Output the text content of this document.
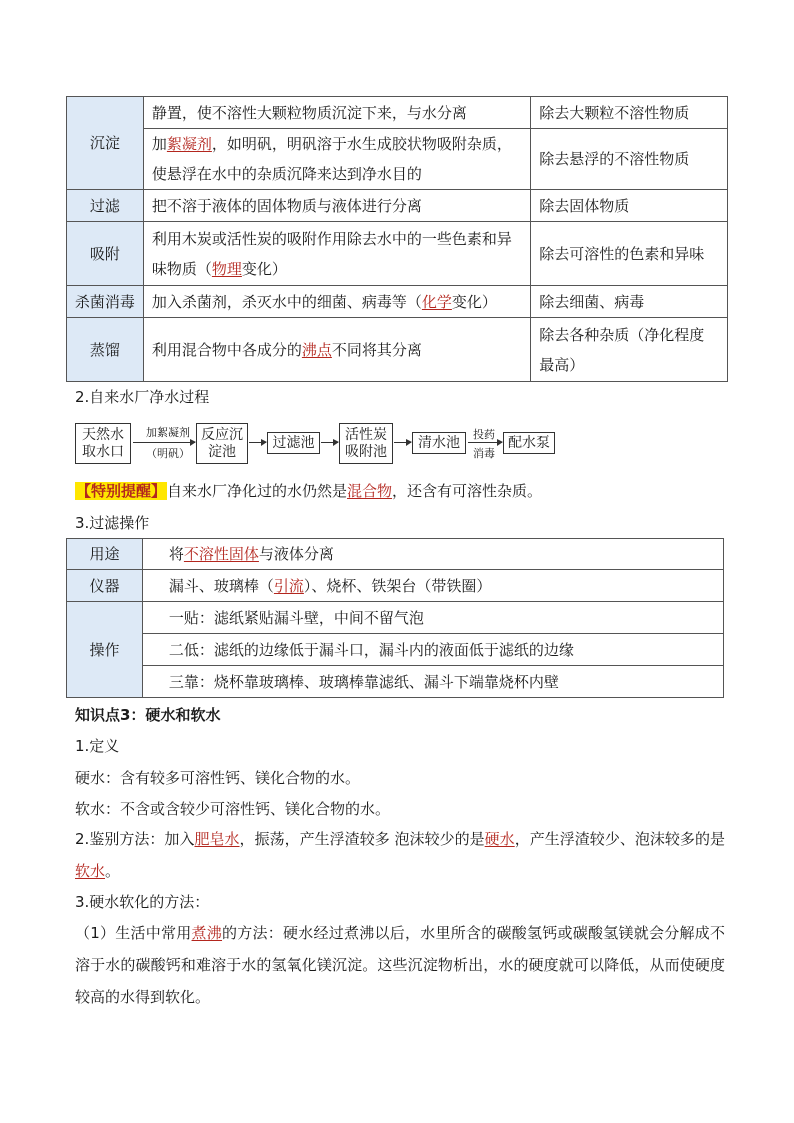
沉淀	静置，使不溶性大颗粒物质沉淀下来，与水分离	除去大颗粒不溶性物质
	加絮凝剂，如明矾，明矾溶于水生成胶状物吸附杂质，使悬浮在水中的杂质沉降来达到净水目的	除去悬浮的不溶性物质
过滤	把不溶于液体的固体物质与液体进行分离	除去固体物质
吸附	利用木炭或活性炭的吸附作用除去水中的一些色素和异味物质（物理变化）	除去可溶性的色素和异味
杀菌消毒	加入杀菌剂，杀灭水中的细菌、病毒等（化学变化）	除去细菌、病毒
蒸馏	利用混合物中各成分的沸点不同将其分离	除去各种杂质（净化程度最高）
2.自来水厂净水过程
天然水取水口
加絮凝剂
（明矾）
反应沉淀池
过滤池	活性炭吸附池
清水池
投药
消毒
配水泵
【特别提醒】自来水厂净化过的水仍然是混合物，还含有可溶性杂质。
3.过滤操作
用途	将不溶性固体与液体分离
仪器	漏斗、玻璃棒（引流）、烧杯、铁架台（带铁圈）
操作	一贴：滤纸紧贴漏斗壁，中间不留气泡
	二低：滤纸的边缘低于漏斗口，漏斗内的液面低于滤纸的边缘
	三靠：烧杯靠玻璃棒、玻璃棒靠滤纸、漏斗下端靠烧杯内壁
知识点3：硬水和软水
1.定义
硬水：含有较多可溶性钙、镁化合物的水。
软水：不含或含较少可溶性钙、镁化合物的水。
2.鉴别方法：加入肥皂水，振荡，产生浮渣较多 泡沫较少的是硬水，产生浮渣较少、泡沫较多的是软水。
3.硬水软化的方法：
（1）生活中常用煮沸的方法：硬水经过煮沸以后，水里所含的碳酸氢钙或碳酸氢镁就会分解成不溶于水的碳酸钙和难溶于水的氢氧化镁沉淀。这些沉淀物析出，水的硬度就可以降低，从而使硬度较高的水得到软化。
